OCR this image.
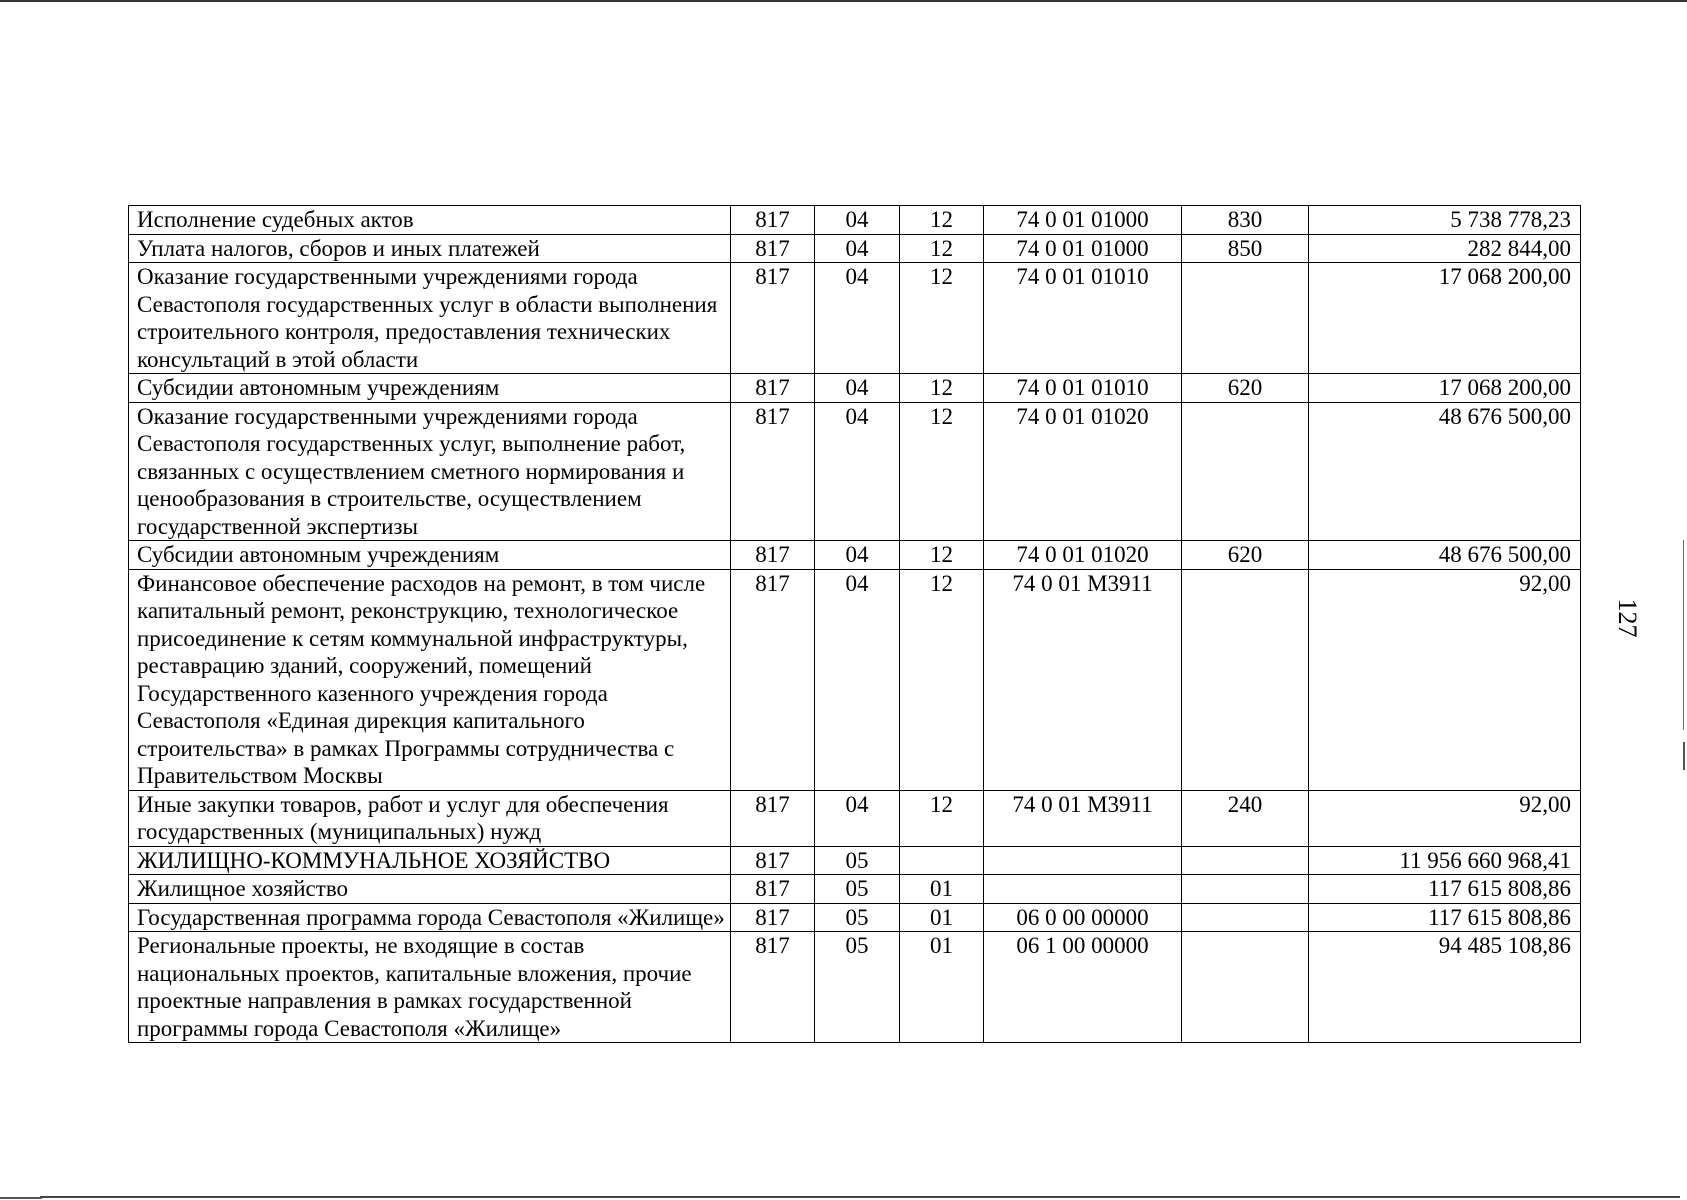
127
Исполнение судебных актов	817	04	12	74 0 01 01000	830	5 738 778,23
Уплата налогов, сборов и иных платежей	817	04	12	74 0 01 01000	850	282 844,00
Оказание государственными учреждениями города Севастополя государственных услуг в области выполнения строительного контроля, предоставления технических консультаций в этой области	817	04	12	74 0 01 01010		17 068 200,00
Субсидии автономным учреждениям	817	04	12	74 0 01 01010	620	17 068 200,00
Оказание государственными учреждениями города Севастополя государственных услуг, выполнение работ, связанных с осуществлением сметного нормирования и ценообразования в строительстве, осуществлением государственной экспертизы	817	04	12	74 0 01 01020		48 676 500,00
Субсидии автономным учреждениям	817	04	12	74 0 01 01020	620	48 676 500,00
Финансовое обеспечение расходов на ремонт, в том числе капитальный ремонт, реконструкцию, технологическое присоединение к сетям коммунальной инфраструктуры, реставрацию зданий, сооружений, помещений Государственного казенного учреждения города Севастополя «Единая дирекция капитального строительства» в рамках Программы сотрудничества с Правительством Москвы	817	04	12	74 0 01 М3911		92,00
Иные закупки товаров, работ и услуг для обеспечения государственных (муниципальных) нужд	817	04	12	74 0 01 М3911	240	92,00
ЖИЛИЩНО-КОММУНАЛЬНОЕ ХОЗЯЙСТВО	817	05				11 956 660 968,41
Жилищное хозяйство	817	05	01			117 615 808,86
Государственная программа города Севастополя «Жилище»	817	05	01	06 0 00 00000		117 615 808,86
Региональные проекты, не входящие в состав национальных проектов, капитальные вложения, прочие проектные направления в рамках государственной программы города Севастополя «Жилище»	817	05	01	06 1 00 00000		94 485 108,86
